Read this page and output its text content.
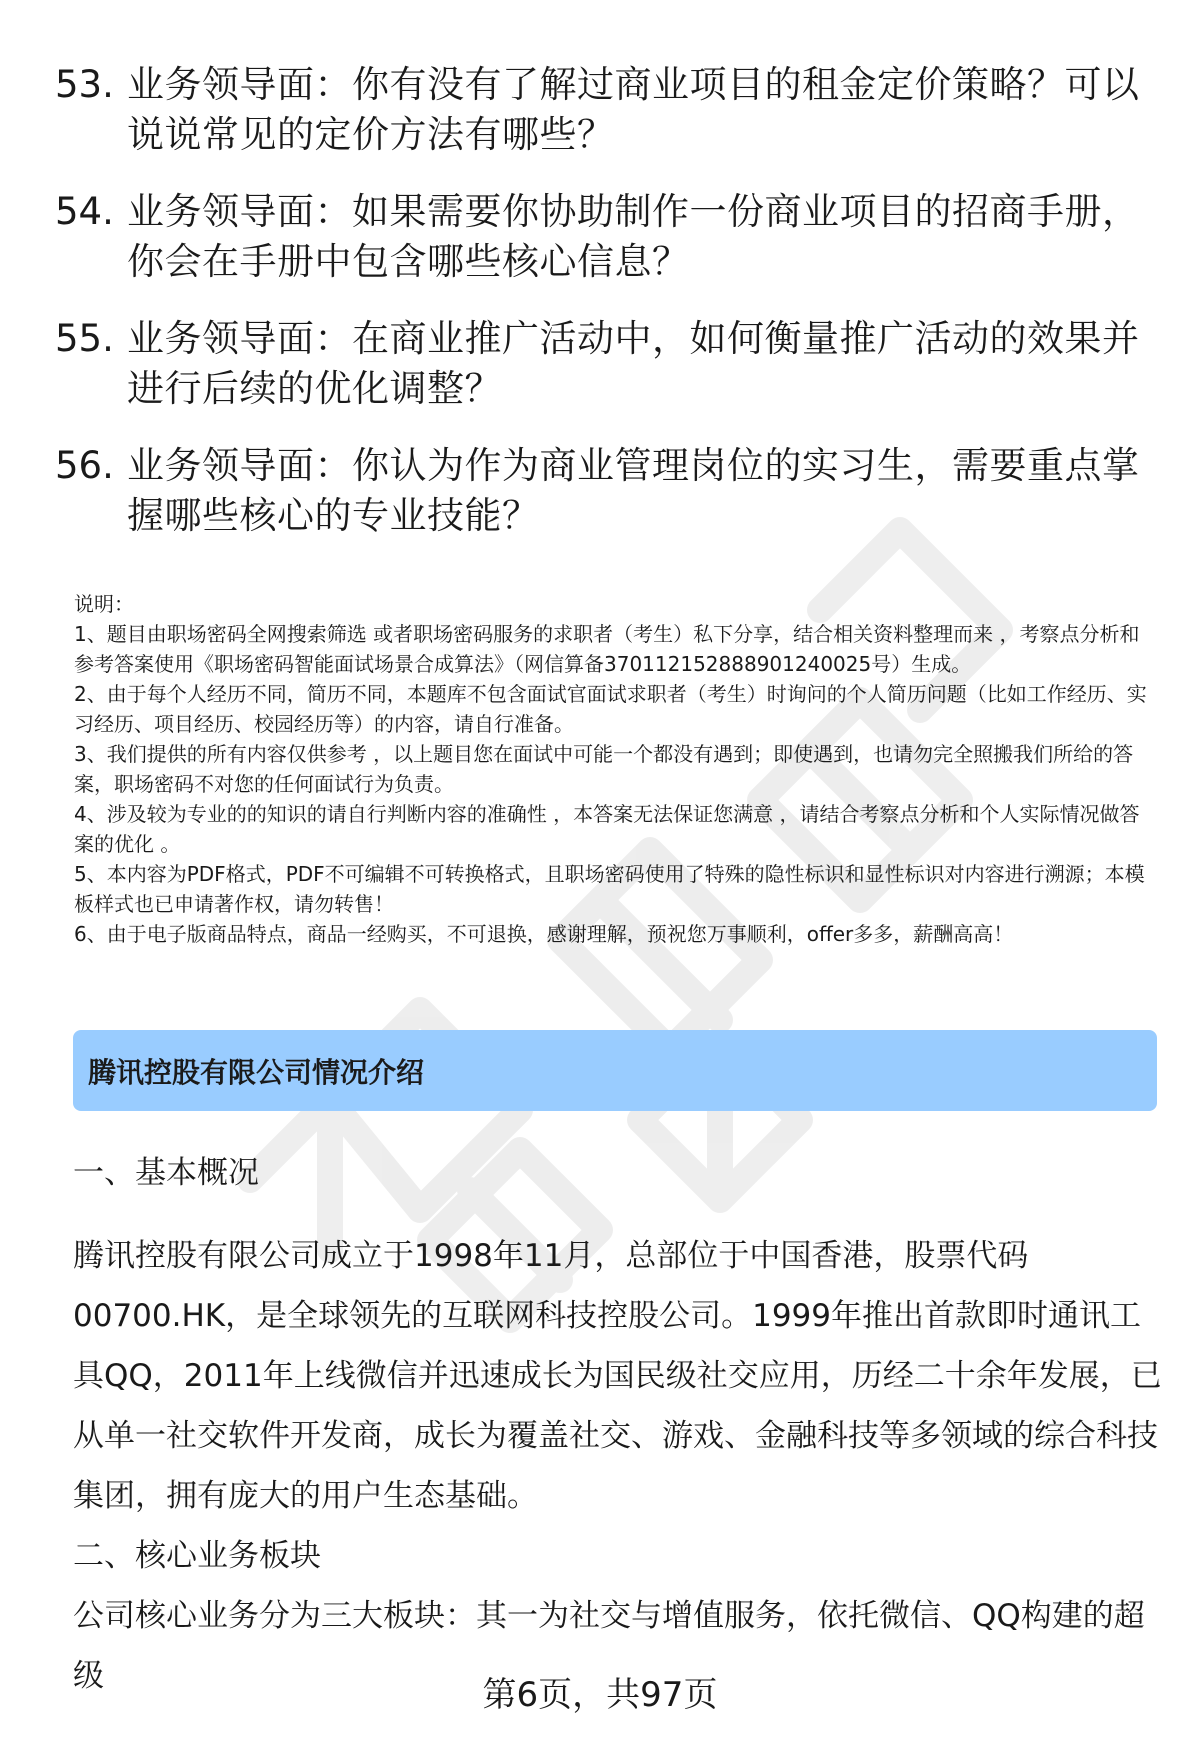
53. 业务领导面：你有没有了解过商业项目的租金定价策略？可以说说常见的定价方法有哪些？
54. 业务领导面：如果需要你协助制作一份商业项目的招商手册，你会在手册中包含哪些核心信息？
55. 业务领导面：在商业推广活动中，如何衡量推广活动的效果并进行后续的优化调整？
56. 业务领导面：你认为作为商业管理岗位的实习生，需要重点掌握哪些核心的专业技能？

说明：

1、题目由职场密码全网搜索筛选 或者职场密码服务的求职者（考生）私下分享，结合相关资料整理而来 ，考察点分析和参考答案使用《职场密码智能面试场景合成算法》（网信算备370112152888901240025号）生成。

2、由于每个人经历不同，简历不同，本题库不包含面试官面试求职者（考生）时询问的个人简历问题（比如工作经历、实习经历、项目经历、校园经历等）的内容，请自行准备。

3、我们提供的所有内容仅供参考 ，以上题目您在面试中可能一个都没有遇到；即使遇到，也请勿完全照搬我们所给的答案，职场密码不对您的任何面试行为负责。

4、涉及较为专业的的知识的请自行判断内容的准确性 ，本答案无法保证您满意 ，请结合考察点分析和个人实际情况做答案的优化 。

5、本内容为PDF格式，PDF不可编辑不可转换格式，且职场密码使用了特殊的隐性标识和显性标识对内容进行溯源；本模板样式也已申请著作权，请勿转售！

6、由于电子版商品特点，商品一经购买，不可退换，感谢理解，预祝您万事顺利，offer多多，薪酬高高！

腾讯控股有限公司情况介绍

一、基本概况

腾讯控股有限公司成立于1998年11月，总部位于中国香港，股票代码00700.HK，是全球领先的互联网科技控股公司。1999年推出首款即时通讯工具QQ，2011年上线微信并迅速成长为国民级社交应用，历经二十余年发展，已从单一社交软件开发商，成长为覆盖社交、游戏、金融科技等多领域的综合科技集团，拥有庞大的用户生态基础。

二、核心业务板块

公司核心业务分为三大板块：其一为社交与增值服务，依托微信、QQ构建的超级	第6页，共97页
